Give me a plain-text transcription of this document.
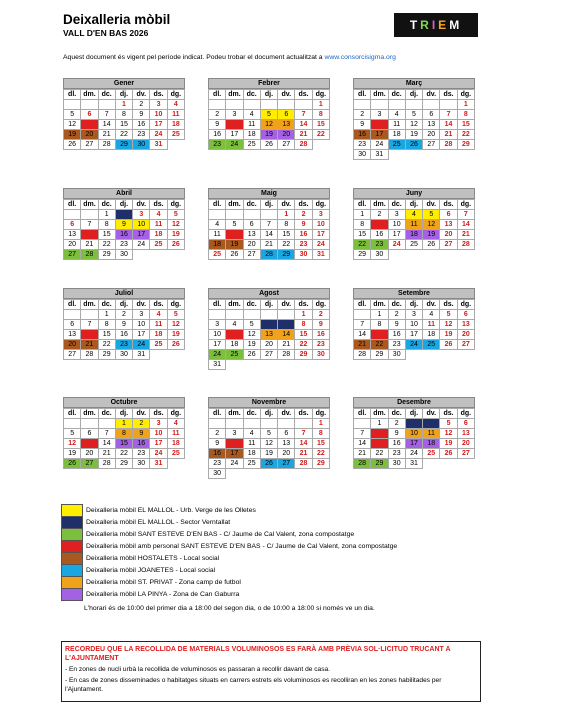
Deixalleria mòbil
VALL D'EN BAS 2026
T R I E M
Aquest document és vigent pel període indicat. Podeu trobar el document actualitzat a www.consorcisigma.org
Gener
dl.	dm.	dc.	dj.	dv.	ds.	dg.
			1	2	3	4
5	6	7	8	9	10	11
12	13	14	15	16	17	18
19	20	21	22	23	24	25
26	27	28	29	30	31	
Febrer
dl.	dm.	dc.	dj.	dv.	ds.	dg.
						1
2	3	4	5	6	7	8
9	10	11	12	13	14	15
16	17	18	19	20	21	22
23	24	25	26	27	28	
Març
dl.	dm.	dc.	dj.	dv.	ds.	dg.
						1
2	3	4	5	6	7	8
9	10	11	12	13	14	15
16	17	18	19	20	21	22
23	24	25	26	27	28	29
30	31					
Abril
dl.	dm.	dc.	dj.	dv.	ds.	dg.
		1	2	3	4	5
6	7	8	9	10	11	12
13	14	15	16	17	18	19
20	21	22	23	24	25	26
27	28	29	30			
Maig
dl.	dm.	dc.	dj.	dv.	ds.	dg.
				1	2	3
4	5	6	7	8	9	10
11	12	13	14	15	16	17
18	19	20	21	22	23	24
25	26	27	28	29	30	31
Juny
dl.	dm.	dc.	dj.	dv.	ds.	dg.
1	2	3	4	5	6	7
8	9	10	11	12	13	14
15	16	17	18	19	20	21
22	23	24	25	26	27	28
29	30					
Juliol
dl.	dm.	dc.	dj.	dv.	ds.	dg.
		1	2	3	4	5
6	7	8	9	10	11	12
13	14	15	16	17	18	19
20	21	22	23	24	25	26
27	28	29	30	31		
Agost
dl.	dm.	dc.	dj.	dv.	ds.	dg.
					1	2
3	4	5	6	7	8	9
10	11	12	13	14	15	16
17	18	19	20	21	22	23
24	25	26	27	28	29	30
31						
Setembre
dl.	dm.	dc.	dj.	dv.	ds.	dg.
	1	2	3	4	5	6
7	8	9	10	11	12	13
14	15	16	17	18	19	20
21	22	23	24	25	26	27
28	29	30				
Octubre
dl.	dm.	dc.	dj.	dv.	ds.	dg.
			1	2	3	4
5	6	7	8	9	10	11
12	13	14	15	16	17	18
19	20	21	22	23	24	25
26	27	28	29	30	31	
Novembre
dl.	dm.	dc.	dj.	dv.	ds.	dg.
						1
2	3	4	5	6	7	8
9	10	11	12	13	14	15
16	17	18	19	20	21	22
23	24	25	26	27	28	29
30						
Desembre
dl.	dm.	dc.	dj.	dv.	ds.	dg.
	1	2	3	4	5	6
7	8	9	10	11	12	13
14	15	16	17	18	19	20
21	22	23	24	25	26	27
28	29	30	31			
Deixalleria mòbil EL MALLOL - Urb. Verge de les Olletes
Deixalleria mòbil EL MALLOL - Sector Verntallat
Deixalleria mòbil SANT ESTEVE D'EN BAS - C/ Jaume de Cal Valent, zona compostatge
Deixalleria mòbil amb personal SANT ESTEVE D'EN BAS - C/ Jaume de Cal Valent, zona compostatge
Deixalleria mòbil HOSTALETS - Local social
Deixalleria mòbil JOANETES - Local social
Deixalleria mòbil ST. PRIVAT - Zona camp de futbol
Deixalleria mòbil LA PINYA - Zona de Can Gaburra
L'horari és de 10:00 del primer dia a 18:00 del segon dia, o de 10:00 a 18:00 si només ve un dia.
RECORDEU QUE LA RECOLLIDA DE MATERIALS VOLUMINOSOS ES FARÀ AMB PRÈVIA SOL·LICITUD TRUCANT A L'AJUNTAMENT

- En zones de nucli urbà la recollida de voluminosos es passaran a recollir davant de casa.

- En cas de zones disseminades o habitatges situats en carrers estrets els voluminosos es recolliran en les zones habilitades per l'Ajuntament.
